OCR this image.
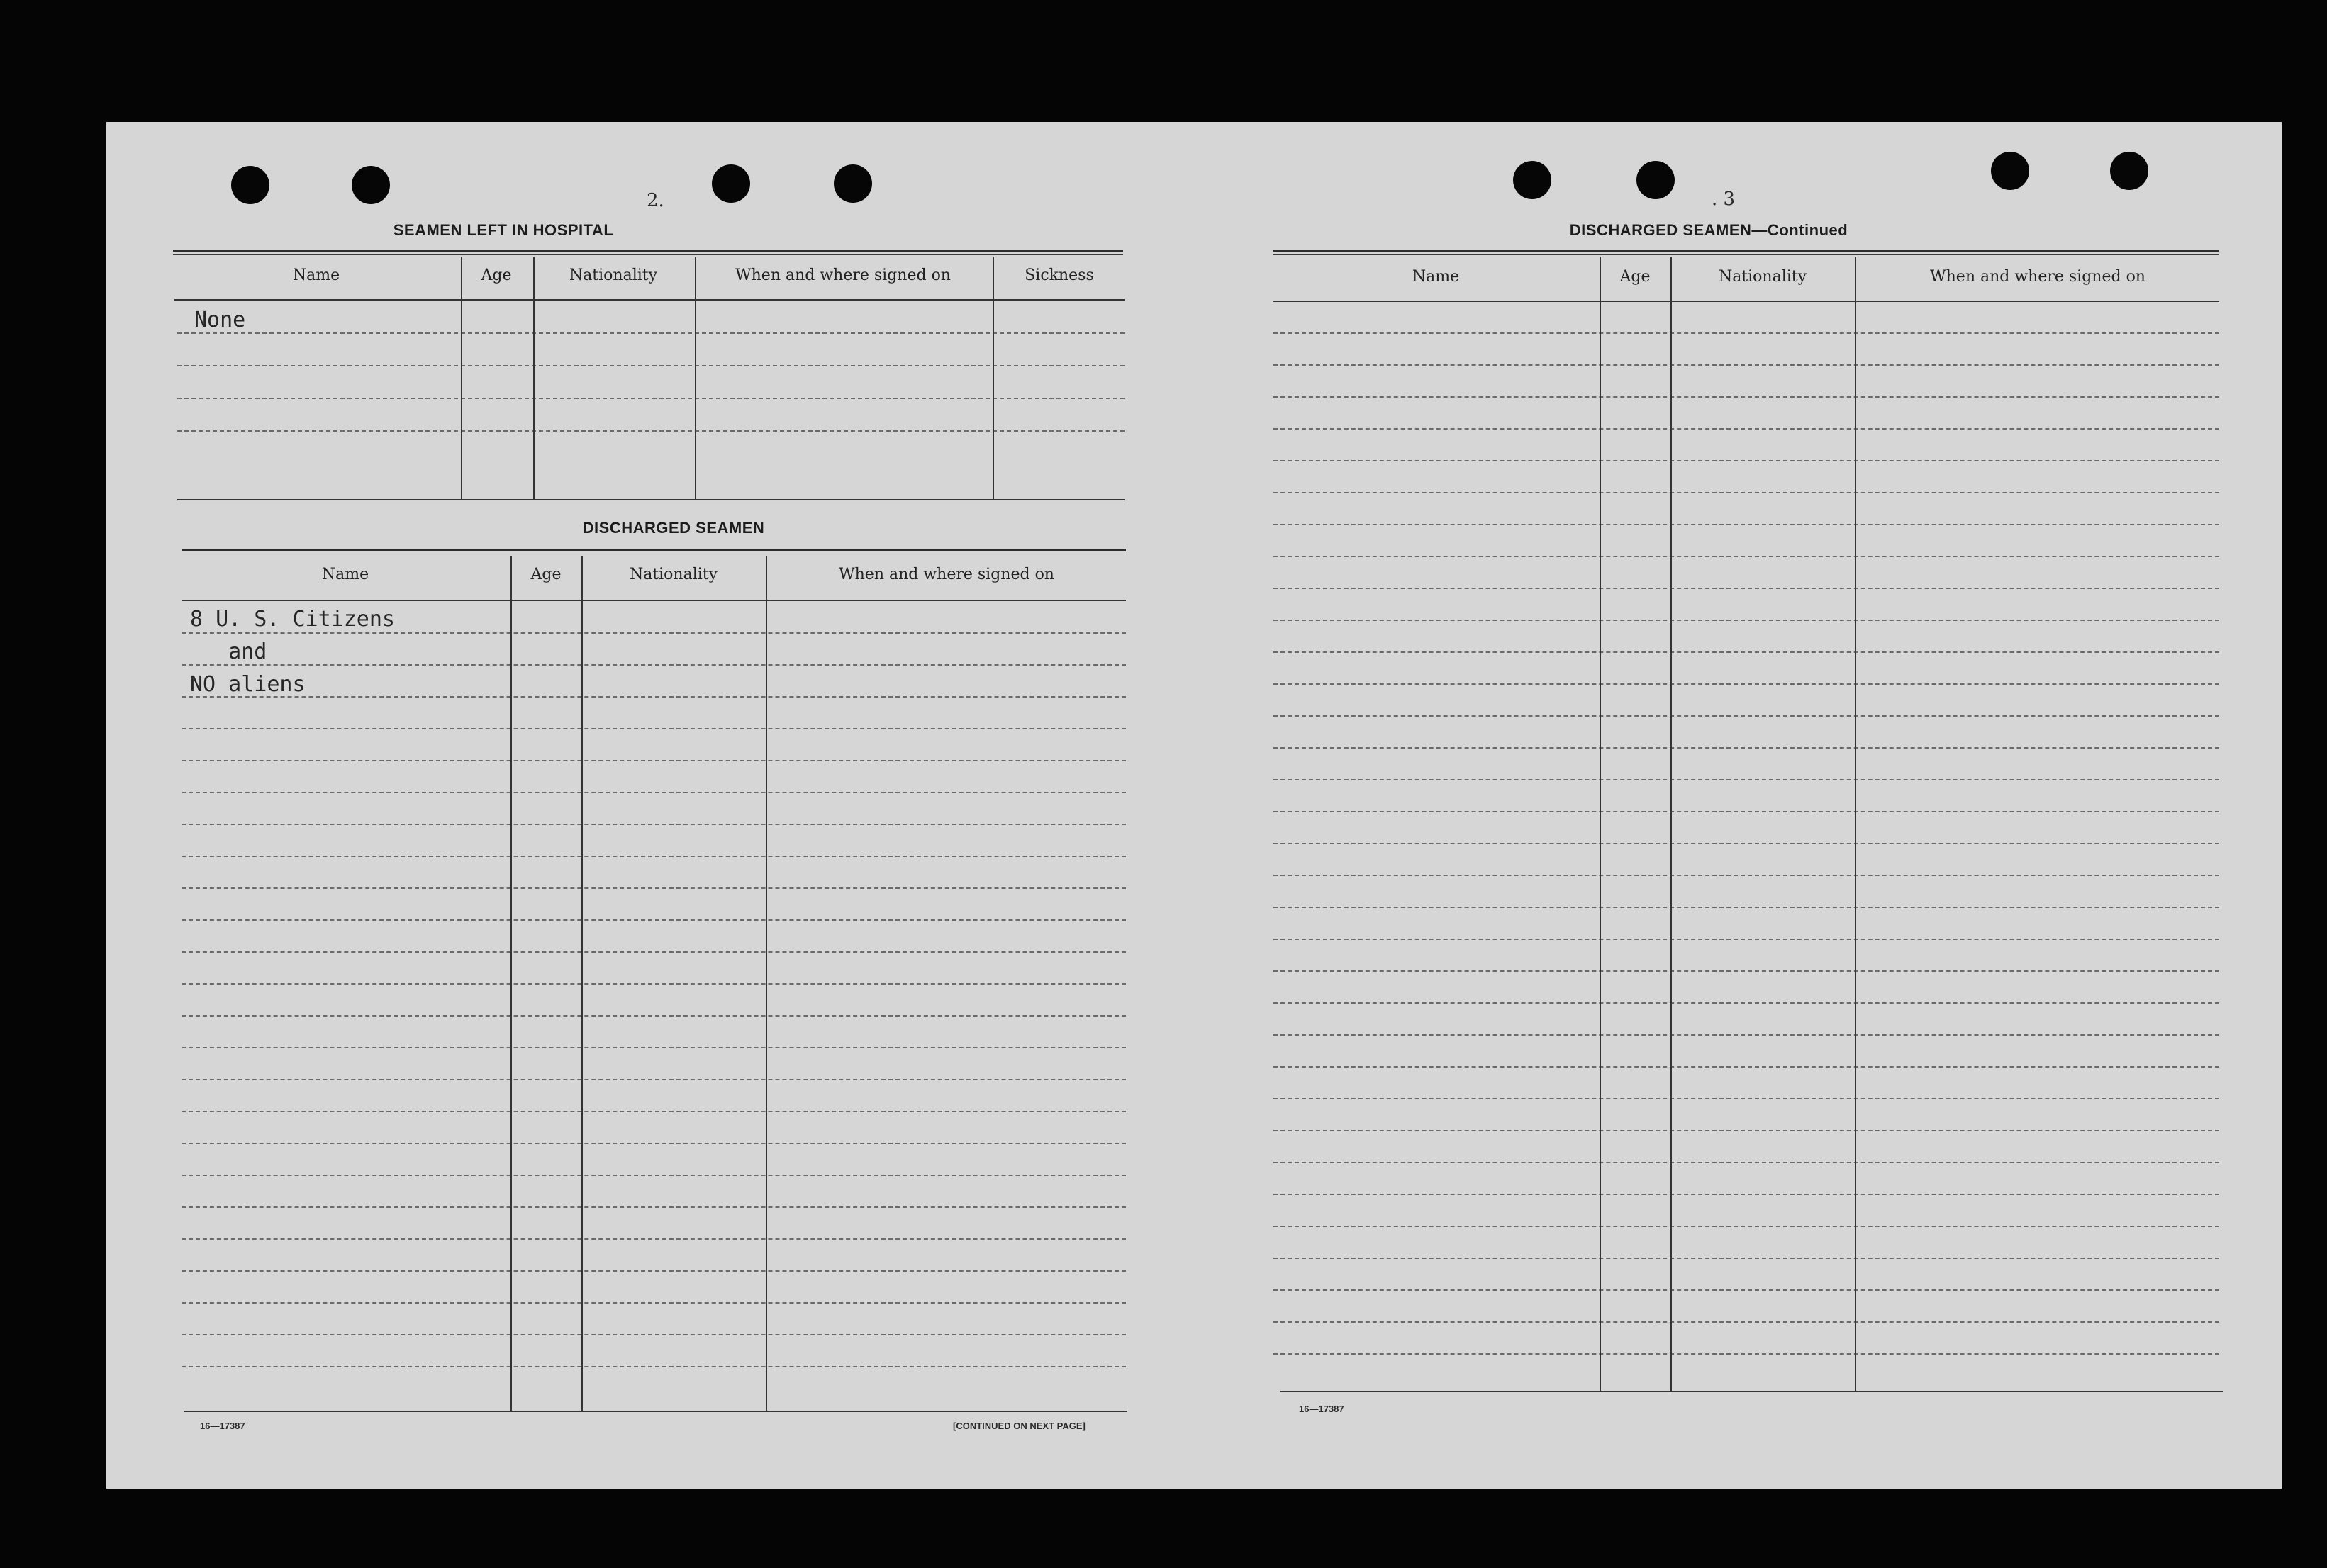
2.
SEAMEN LEFT IN HOSPITAL
Name	Age	Nationality	When and where signed on	Sickness
None
DISCHARGED SEAMEN
Name	Age	Nationality	When and where signed on
8 U. S. Citizens
and
NO aliens
16—17387	[CONTINUED ON NEXT PAGE]
. 3
DISCHARGED SEAMEN—Continued
Name	Age	Nationality	When and where signed on
16—17387
